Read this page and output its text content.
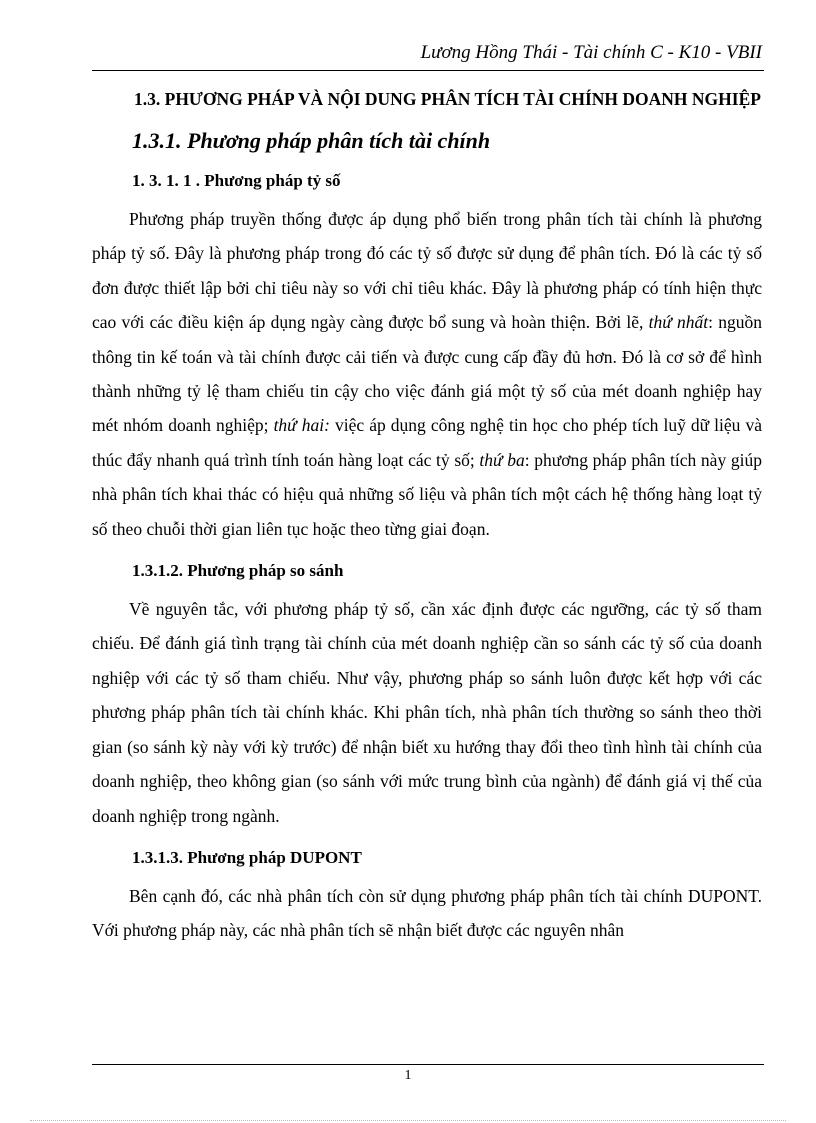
Lương Hồng Thái - Tài chính C - K10 - VBII

1.3. PHƯƠNG PHÁP VÀ NỘI DUNG PHÂN TÍCH TÀI CHÍNH DOANH NGHIỆP

1.3.1. Phương pháp phân tích tài chính
1. 3. 1. 1 . Phương pháp tỷ số

Phương pháp truyền thống được áp dụng phổ biến trong phân tích tài chính là phương pháp tỷ số. Đây là phương pháp trong đó các tỷ số được sử dụng để phân tích. Đó là các tỷ số đơn được thiết lập bởi chỉ tiêu này so với chỉ tiêu khác. Đây là phương pháp có tính hiện thực cao với các điều kiện áp dụng ngày càng được bổ sung và hoàn thiện. Bởi lẽ, thứ nhất: nguồn thông tin kế toán và tài chính được cải tiến và được cung cấp đầy đủ hơn. Đó là cơ sở để hình thành những tỷ lệ tham chiếu tin cậy cho việc đánh giá một tỷ số của mét doanh nghiệp hay mét nhóm doanh nghiệp; thứ hai: việc áp dụng công nghệ tin học cho phép tích luỹ dữ liệu và thúc đẩy nhanh quá trình tính toán hàng loạt các tỷ số; thứ ba: phương pháp phân tích này giúp nhà phân tích khai thác có hiệu quả những số liệu và phân tích một cách hệ thống hàng loạt tỷ số theo chuỗi thời gian liên tục hoặc theo từng giai đoạn.

1.3.1.2. Phương pháp so sánh

Về nguyên tắc, với phương pháp tỷ số, cần xác định được các ngưỡng, các tỷ số tham chiếu. Để đánh giá tình trạng tài chính của mét doanh nghiệp cần so sánh các tỷ số của doanh nghiệp với các tỷ số tham chiếu. Như vậy, phương pháp so sánh luôn được kết hợp với các phương pháp phân tích tài chính khác. Khi phân tích, nhà phân tích thường so sánh theo thời gian (so sánh kỳ này với kỳ trước) để nhận biết xu hướng thay đổi theo tình hình tài chính của doanh nghiệp, theo không gian (so sánh với mức trung bình của ngành) để đánh giá vị thế của doanh nghiệp trong ngành.

1.3.1.3. Phương pháp DUPONT

Bên cạnh đó, các nhà phân tích còn sử dụng phương pháp phân tích tài chính DUPONT. Với phương pháp này, các nhà phân tích sẽ nhận biết được các nguyên nhân

1
